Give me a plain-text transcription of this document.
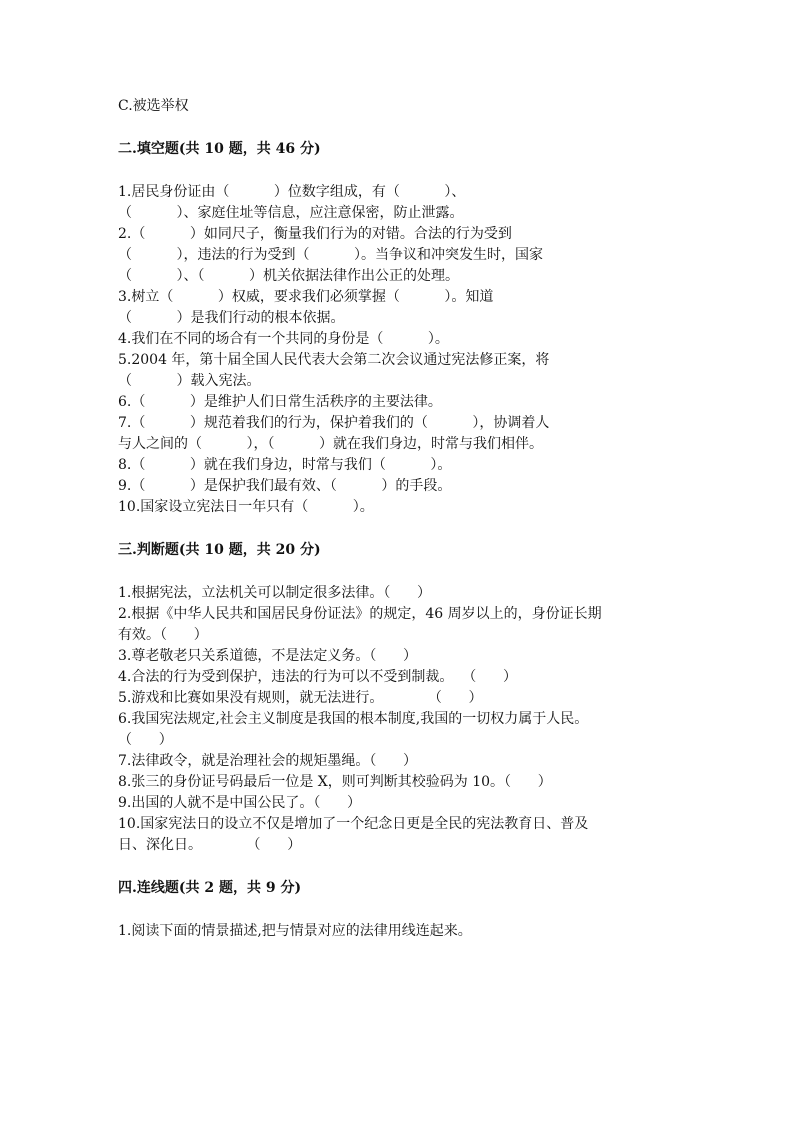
C.被选举权

二.填空题(共 10 题，共 46 分)

1.居民身份证由（          ）位数字组成，有（          ）、

（          ）、家庭住址等信息，应注意保密，防止泄露。

2.（          ）如同尺子，衡量我们行为的对错。合法的行为受到

（          ），违法的行为受到（          ）。当争议和冲突发生时，国家

（          ）、（          ）机关依据法律作出公正的处理。

3.树立（          ）权威，要求我们必须掌握（          ）。知道

（          ）是我们行动的根本依据。

4.我们在不同的场合有一个共同的身份是（          ）。

5.2004 年，第十届全国人民代表大会第二次会议通过宪法修正案，将

（          ）载入宪法。

6.（          ）是维护人们日常生活秩序的主要法律。

7.（          ）规范着我们的行为，保护着我们的（          ），协调着人

与人之间的（          ），（          ）就在我们身边，时常与我们相伴。

8.（          ）就在我们身边，时常与我们（          ）。

9.（          ）是保护我们最有效、（          ）的手段。

10.国家设立宪法日一年只有（          ）。

三.判断题(共 10 题，共 20 分)

1.根据宪法，立法机关可以制定很多法律。（      ）

2.根据《中华人民共和国居民身份证法》的规定，46 周岁以上的，身份证长期

有效。（      ）

3.尊老敬老只关系道德，不是法定义务。（      ）

4.合法的行为受到保护，违法的行为可以不受到制裁。  （      ）

5.游戏和比赛如果没有规则，就无法进行。          （      ）

6.我国宪法规定,社会主义制度是我国的根本制度,我国的一切权力属于人民。

（      ）

7.法律政令，就是治理社会的规矩墨绳。（      ）

8.张三的身份证号码最后一位是 X，则可判断其校验码为 10。（      ）

9.出国的人就不是中国公民了。（      ）

10.国家宪法日的设立不仅是增加了一个纪念日更是全民的宪法教育日、普及

日、深化日。          （      ）

四.连线题(共 2 题，共 9 分)

1.阅读下面的情景描述,把与情景对应的法律用线连起来。
